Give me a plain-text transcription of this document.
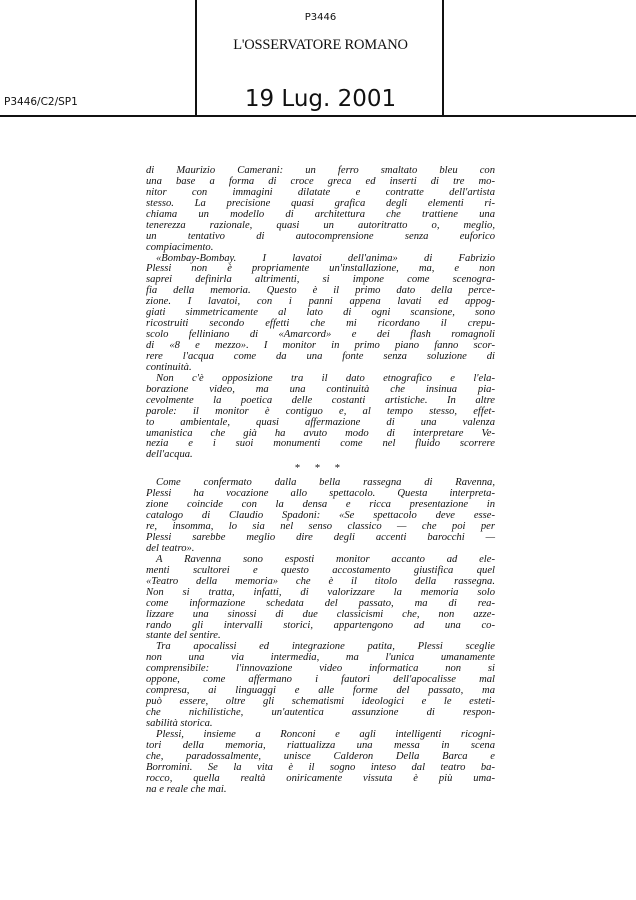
P3446
L'OSSERVATORE ROMANO
19 Lug. 2001
P3446/C2/SP1
di Maurizio Camerani: un ferro smaltato bleu con
una base a forma di croce greca ed inserti di tre mo-
nitor con immagini dilatate e contratte dell'artista
stesso. La precisione quasi grafica degli elementi ri-
chiama un modello di architettura che trattiene una
tenerezza razionale, quasi un autoritratto o, meglio,
un tentativo di autocomprensione senza euforico
compiacimento.
«Bombay-Bombay. I lavatoi dell'anima» di Fabrizio
Plessi non è propriamente un'installazione, ma, e non
saprei definirla altrimenti, si impone come scenogra-
fia della memoria. Questo è il primo dato della perce-
zione. I lavatoi, con i panni appena lavati ed appog-
giati simmetricamente al lato di ogni scansione, sono
ricostruiti secondo effetti che mi ricordano il crepu-
scolo felliniano di «Amarcord» e dei flash romagnoli
di «8 e mezzo». I monitor in primo piano fanno scor-
rere l'acqua come da una fonte senza soluzione di
continuità.
Non c'è opposizione tra il dato etnografico e l'ela-
borazione video, ma una continuità che insinua pia-
cevolmente la poetica delle costanti artistiche. In altre
parole: il monitor è contiguo e, al tempo stesso, effet-
to ambientale, quasi affermazione di una valenza
umanistica che già ha avuto modo di interpretare Ve-
nezia e i suoi monumenti come nel fluido scorrere
dell'acqua.
* * *
Come confermato dalla bella rassegna di Ravenna,
Plessi ha vocazione allo spettacolo. Questa interpreta-
zione coincide con la densa e ricca presentazione in
catalogo di Claudio Spadoni: «Se spettacolo deve esse-
re, insomma, lo sia nel senso classico — che poi per
Plessi sarebbe meglio dire degli accenti barocchi —
del teatro».
A Ravenna sono esposti monitor accanto ad ele-
menti scultorei e questo accostamento giustifica quel
«Teatro della memoria» che è il titolo della rassegna.
Non si tratta, infatti, di valorizzare la memoria solo
come informazione schedata del passato, ma di rea-
lizzare una sinossi di due classicismi che, non azze-
rando gli intervalli storici, appartengono ad una co-
stante del sentire.
Tra apocalissi ed integrazione patita, Plessi sceglie
non una via intermedia, ma l'unica umanamente
comprensibile: l'innovazione video informatica non si
oppone, come affermano i fautori dell'apocalisse mal
compresa, ai linguaggi e alle forme del passato, ma
può essere, oltre gli schematismi ideologici e le esteti-
che nichilistiche, un'autentica assunzione di respon-
sabilità storica.
Plessi, insieme a Ronconi e agli intelligenti ricogni-
tori della memoria, riattualizza una messa in scena
che, paradossalmente, unisce Calderon Della Barca e
Borromini. Se la vita è il sogno inteso dal teatro ba-
rocco, quella realtà oniricamente vissuta è più uma-
na e reale che mai.
